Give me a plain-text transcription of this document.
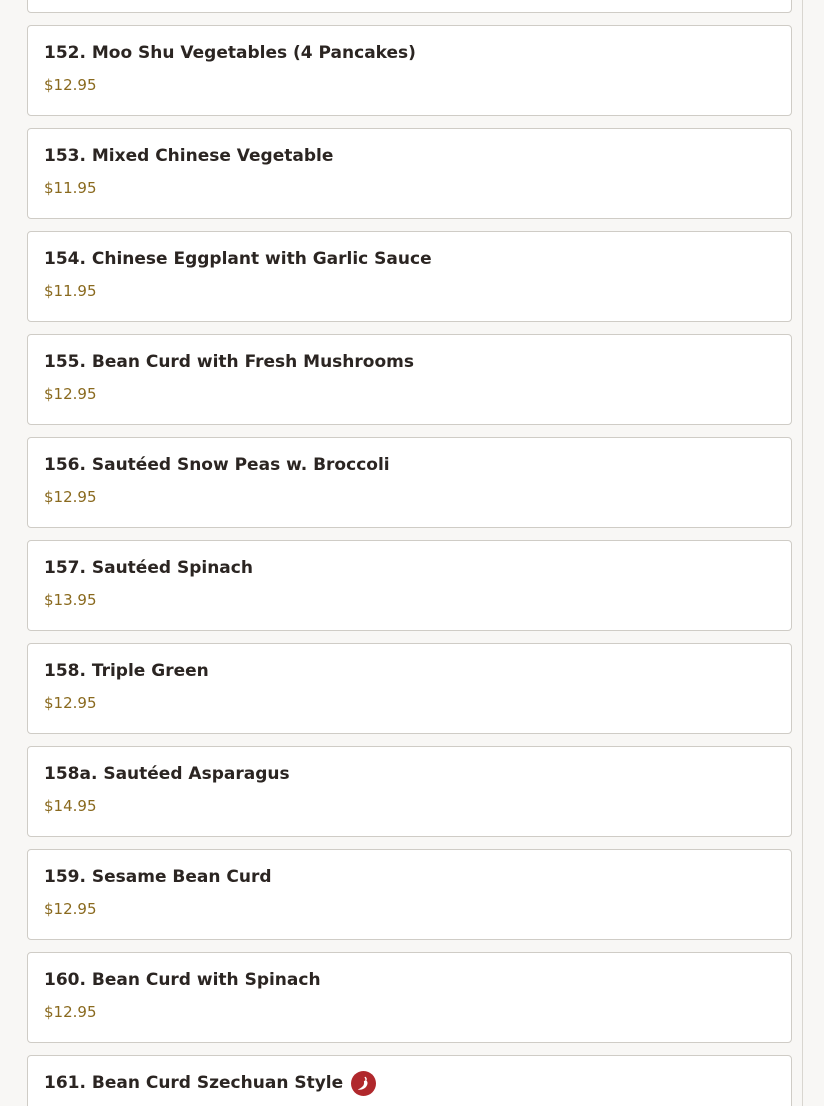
152. Moo Shu Vegetables (4 Pancakes)
$12.95
153. Mixed Chinese Vegetable
$11.95
154. Chinese Eggplant with Garlic Sauce
$11.95
155. Bean Curd with Fresh Mushrooms
$12.95
156. Sautéed Snow Peas w. Broccoli
$12.95
157. Sautéed Spinach
$13.95
158. Triple Green
$12.95
158a. Sautéed Asparagus
$14.95
159. Sesame Bean Curd
$12.95
160. Bean Curd with Spinach
$12.95
161. Bean Curd Szechuan Style
